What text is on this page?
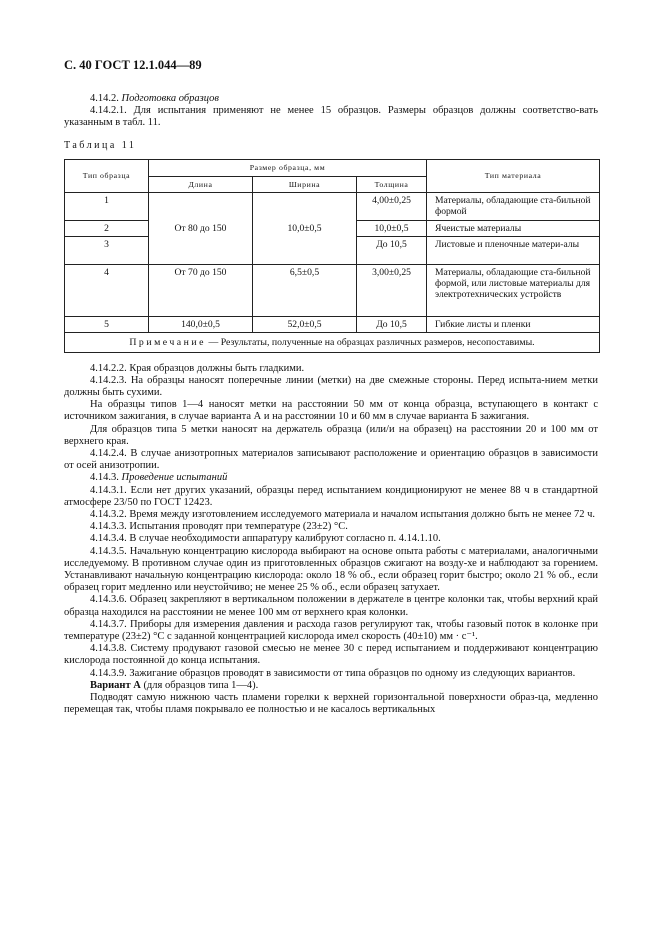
С. 40 ГОСТ 12.1.044—89

4.14.2. Подготовка образцов

4.14.2.1. Для испытания применяют не менее 15 образцов. Размеры образцов должны соответство-вать указанным в табл. 11.

Таблица 11
Тип образца	Размер образца, мм			Тип материала
	Длина	Ширина	Толщина	
1	От 80 до 150	10,0±0,5	4,00±0,25	Материалы, обладающие ста-бильной формой
2			10,0±0,5	Ячеистые материалы
3			До 10,5	Листовые и пленочные матери-алы
4	От 70 до 150	6,5±0,5	3,00±0,25	Материалы, обладающие ста-бильной формой, или листовые материалы для электротехнических устройств
5	140,0±0,5	52,0±0,5	До 10,5	Гибкие листы и пленки
Примечание — Результаты, полученные на образцах различных размеров, несопоставимы.				

4.14.2.2. Края образцов должны быть гладкими.

4.14.2.3. На образцы наносят поперечные линии (метки) на две смежные стороны. Перед испыта-нием метки должны быть сухими.

На образцы типов 1—4 наносят метки на расстоянии 50 мм от конца образца, вступающего в контакт с источником зажигания, в случае варианта А и на расстоянии 10 и 60 мм в случае варианта Б зажигания.

Для образцов типа 5 метки наносят на держатель образца (или/и на образец) на расстоянии 20 и 100 мм от верхнего края.

4.14.2.4. В случае анизотропных материалов записывают расположение и ориентацию образцов в зависимости от осей анизотропии.

4.14.3. Проведение испытаний

4.14.3.1. Если нет других указаний, образцы перед испытанием кондиционируют не менее 88 ч в стандартной атмосфере 23/50 по ГОСТ 12423.

4.14.3.2. Время между изготовлением исследуемого материала и началом испытания должно быть не менее 72 ч.

4.14.3.3. Испытания проводят при температуре (23±2) °С.

4.14.3.4. В случае необходимости аппаратуру калибруют согласно п. 4.14.1.10.

4.14.3.5. Начальную концентрацию кислорода выбирают на основе опыта работы с материалами, аналогичными исследуемому. В противном случае один из приготовленных образцов сжигают на возду-хе и наблюдают за горением. Устанавливают начальную концентрацию кислорода: около 18 % об., если образец горит быстро; около 21 % об., если образец горит медленно или неустойчиво; не менее 25 % об., если образец затухает.

4.14.3.6. Образец закрепляют в вертикальном положении в держателе в центре колонки так, чтобы верхний край образца находился на расстоянии не менее 100 мм от верхнего края колонки.

4.14.3.7. Приборы для измерения давления и расхода газов регулируют так, чтобы газовый поток в колонке при температуре (23±2) °С с заданной концентрацией кислорода имел скорость (40±10) мм · с⁻¹.

4.14.3.8. Систему продувают газовой смесью не менее 30 с перед испытанием и поддерживают концентрацию кислорода постоянной до конца испытания.

4.14.3.9. Зажигание образцов проводят в зависимости от типа образцов по одному из следующих вариантов.

Вариант А (для образцов типа 1—4).

Подводят самую нижнюю часть пламени горелки к верхней горизонтальной поверхности образ-ца, медленно перемещая так, чтобы пламя покрывало ее полностью и не касалось вертикальных
